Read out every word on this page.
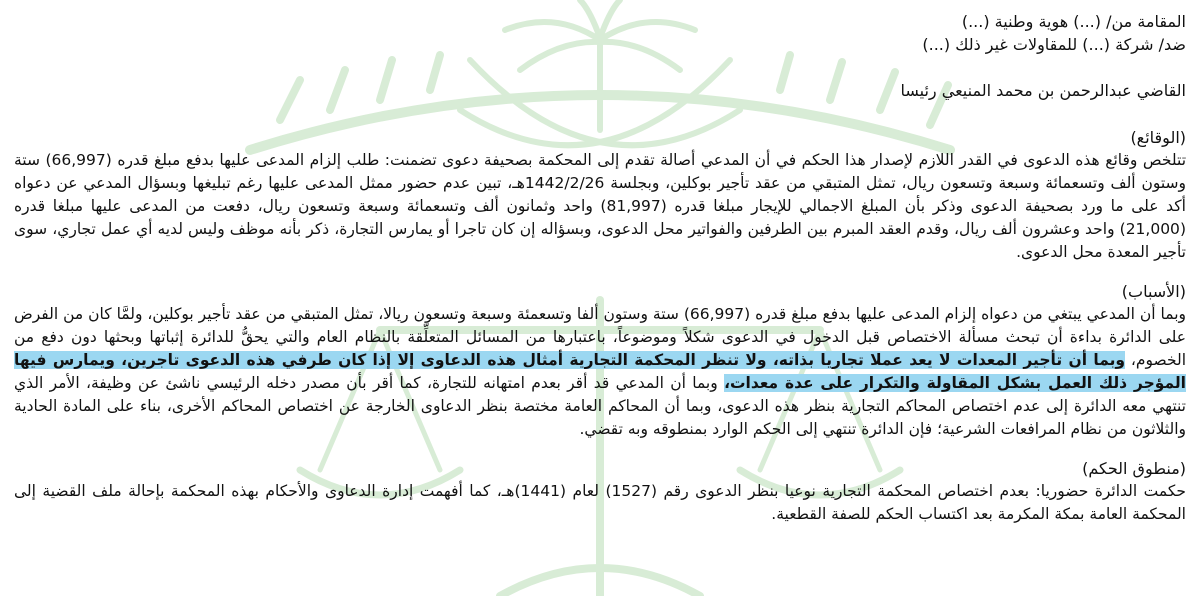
المقامة من/ (...) هوية وطنية (...)
ضد/ شركة (...) للمقاولات غير ذلك (...)
القاضي عبدالرحمن بن محمد المنيعي رئيسا
(الوقائع)

تتلخص وقائع هذه الدعوى في القدر اللازم لإصدار هذا الحكم في أن المدعي أصالة تقدم إلى المحكمة بصحيفة دعوى تضمنت: طلب إلزام المدعى عليها بدفع مبلغ قدره (66,997) ستة وستون ألف وتسعمائة وسبعة وتسعون ريال، تمثل المتبقي من عقد تأجير بوكلين، وبجلسة 1442/2/26هـ، تبين عدم حضور ممثل المدعى عليها رغم تبليغها وبسؤال المدعي عن دعواه أكد على ما ورد بصحيفة الدعوى وذكر بأن المبلغ الاجمالي للإيجار مبلغا قدره (81,997) واحد وثمانون ألف وتسعمائة وسبعة وتسعون ريال، دفعت من المدعى عليها مبلغا قدره (21,000) واحد وعشرون ألف ريال، وقدم العقد المبرم بين الطرفين والفواتير محل الدعوى، وبسؤاله إن كان تاجرا أو يمارس التجارة، ذكر بأنه موظف وليس لديه أي عمل تجاري، سوى تأجير المعدة محل الدعوى.

(الأسباب)

وبما أن المدعي يبتغي من دعواه إلزام المدعى عليها بدفع مبلغ قدره (66,997) ستة وستون ألفا وتسعمئة وسبعة وتسعون ريالا، تمثل المتبقي من عقد تأجير بوكلين، ولمَّا كان من الفرض على الدائرة بداءة أن تبحث مسألة الاختصاص قبل الدخول في الدعوى شكلاً وموضوعاً، باعتبارها من المسائل المتعلِّقة بالنظام العام والتي يحقُّ للدائرة إثباتها وبحثها دون دفع من الخصوم، وبما أن تأجير المعدات لا يعد عملا تجاريا بذاته، ولا تنظر المحكمة التجارية أمثال هذه الدعاوى إلا إذا كان طرفي هذه الدعوى تاجرين، ويمارس فيها المؤجر ذلك العمل بشكل المقاولة والتكرار على عدة معدات، وبما أن المدعي قد أقر بعدم امتهانه للتجارة، كما أقر بأن مصدر دخله الرئيسي ناشئ عن وظيفة، الأمر الذي تنتهي معه الدائرة إلى عدم اختصاص المحاكم التجارية بنظر هذه الدعوى، وبما أن المحاكم العامة مختصة بنظر الدعاوى الخارجة عن اختصاص المحاكم الأخرى، بناء على المادة الحادية والثلاثون من نظام المرافعات الشرعية؛ فإن الدائرة تنتهي إلى الحكم الوارد بمنطوقه وبه تقضي.

(منطوق الحكم)

حكمت الدائرة حضوريا: بعدم اختصاص المحكمة التجارية نوعيا بنظر الدعوى رقم (1527) لعام (1441)هـ، كما أفهمت إدارة الدعاوى والأحكام بهذه المحكمة بإحالة ملف القضية إلى المحكمة العامة بمكة المكرمة بعد اكتساب الحكم للصفة القطعية.
